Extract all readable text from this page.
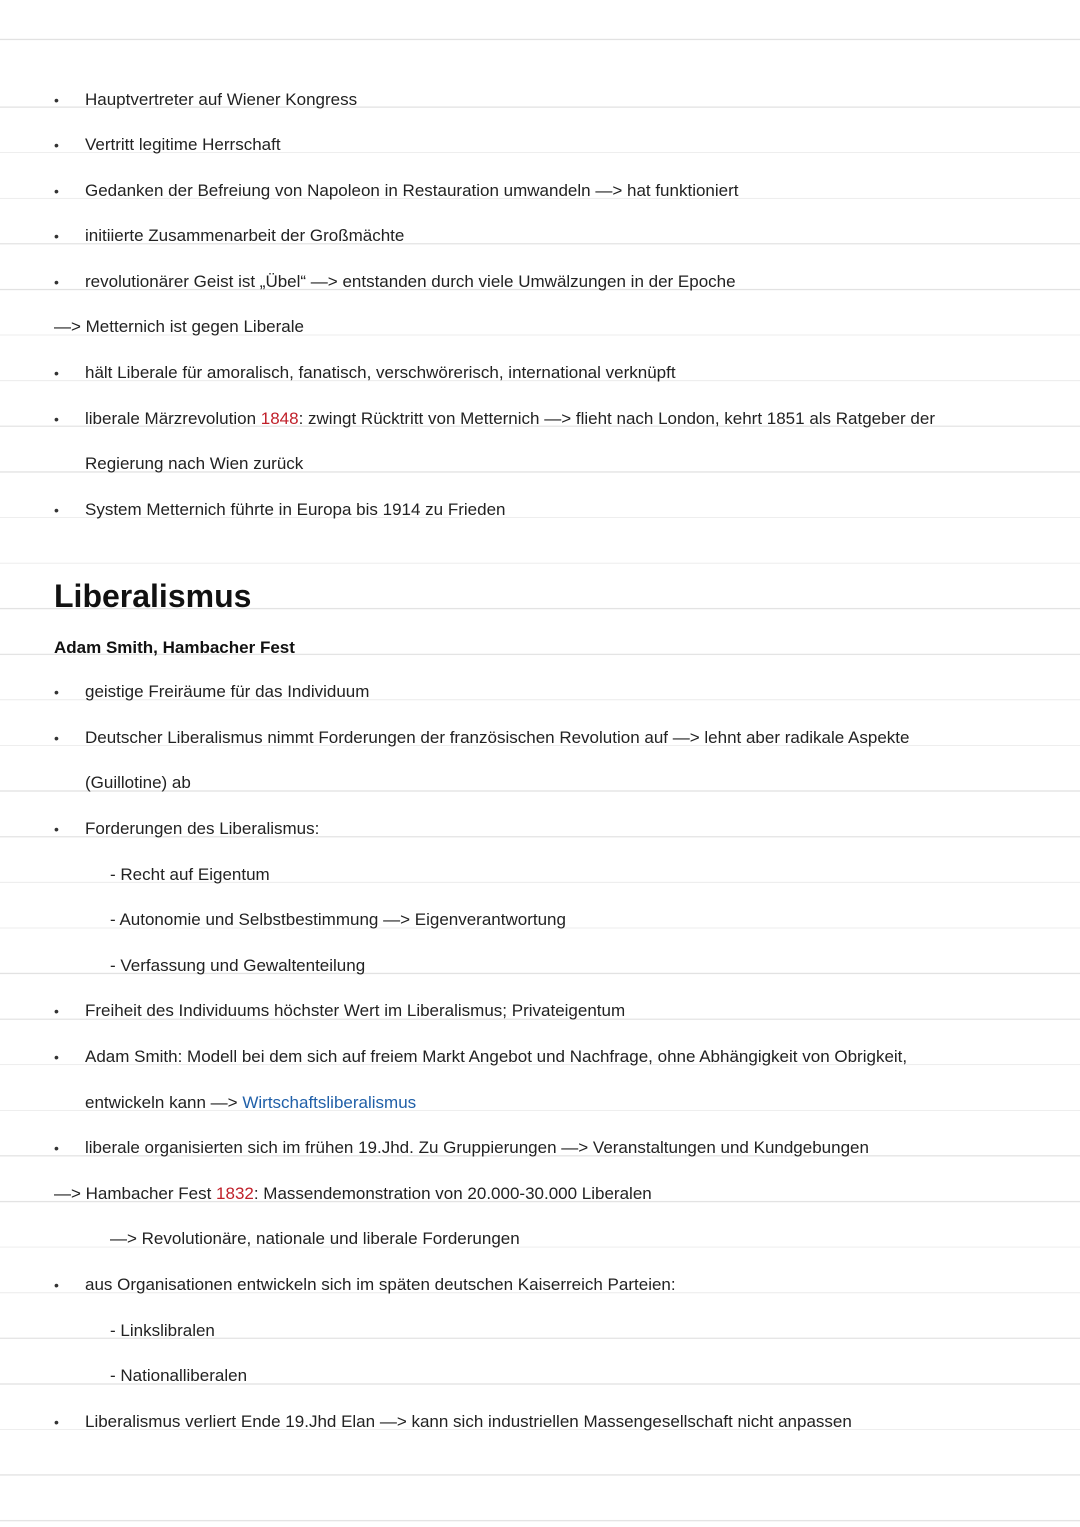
• Hauptvertreter auf Wiener Kongress
• Vertritt legitime Herrschaft
• Gedanken der Befreiung von Napoleon in Restauration umwandeln —> hat funktioniert
• initiierte Zusammenarbeit der Großmächte
• revolutionärer Geist ist „Übel“ —> entstanden durch viele Umwälzungen in der Epoche
—> Metternich ist gegen Liberale
• hält Liberale für amoralisch, fanatisch, verschwörerisch, international verknüpft
• liberale Märzrevolution 1848: zwingt Rücktritt von Metternich —> flieht nach London, kehrt 1851 als Ratgeber der
Regierung nach Wien zurück
• System Metternich führte in Europa bis 1914 zu Frieden
Liberalismus
Adam Smith, Hambacher Fest
• geistige Freiräume für das Individuum
• Deutscher Liberalismus nimmt Forderungen der französischen Revolution auf —> lehnt aber radikale Aspekte
(Guillotine) ab
• Forderungen des Liberalismus:
- Recht auf Eigentum
- Autonomie und Selbstbestimmung —> Eigenverantwortung
- Verfassung und Gewaltenteilung
• Freiheit des Individuums höchster Wert im Liberalismus; Privateigentum
• Adam Smith: Modell bei dem sich auf freiem Markt Angebot und Nachfrage, ohne Abhängigkeit von Obrigkeit,
entwickeln kann —> Wirtschaftsliberalismus
• liberale organisierten sich im frühen 19.Jhd. Zu Gruppierungen —> Veranstaltungen und Kundgebungen
—> Hambacher Fest 1832: Massendemonstration von 20.000-30.000 Liberalen
—> Revolutionäre, nationale und liberale Forderungen
• aus Organisationen entwickeln sich im späten deutschen Kaiserreich Parteien:
- Linkslibralen
- Nationalliberalen
• Liberalismus verliert Ende 19.Jhd Elan —> kann sich industriellen Massengesellschaft nicht anpassen
